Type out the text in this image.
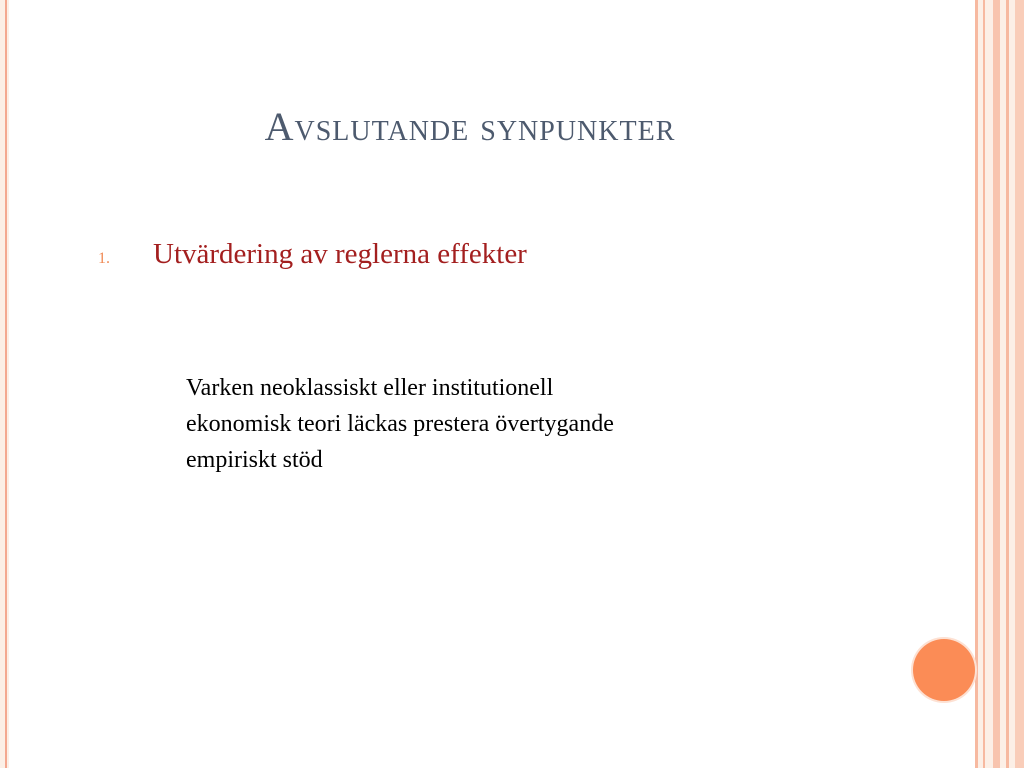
Avslutande synpunkter
1.	Utvärdering av reglerna effekter
Varken neoklassiskt eller institutionell
ekonomisk teori läckas prestera övertygande
empiriskt stöd
